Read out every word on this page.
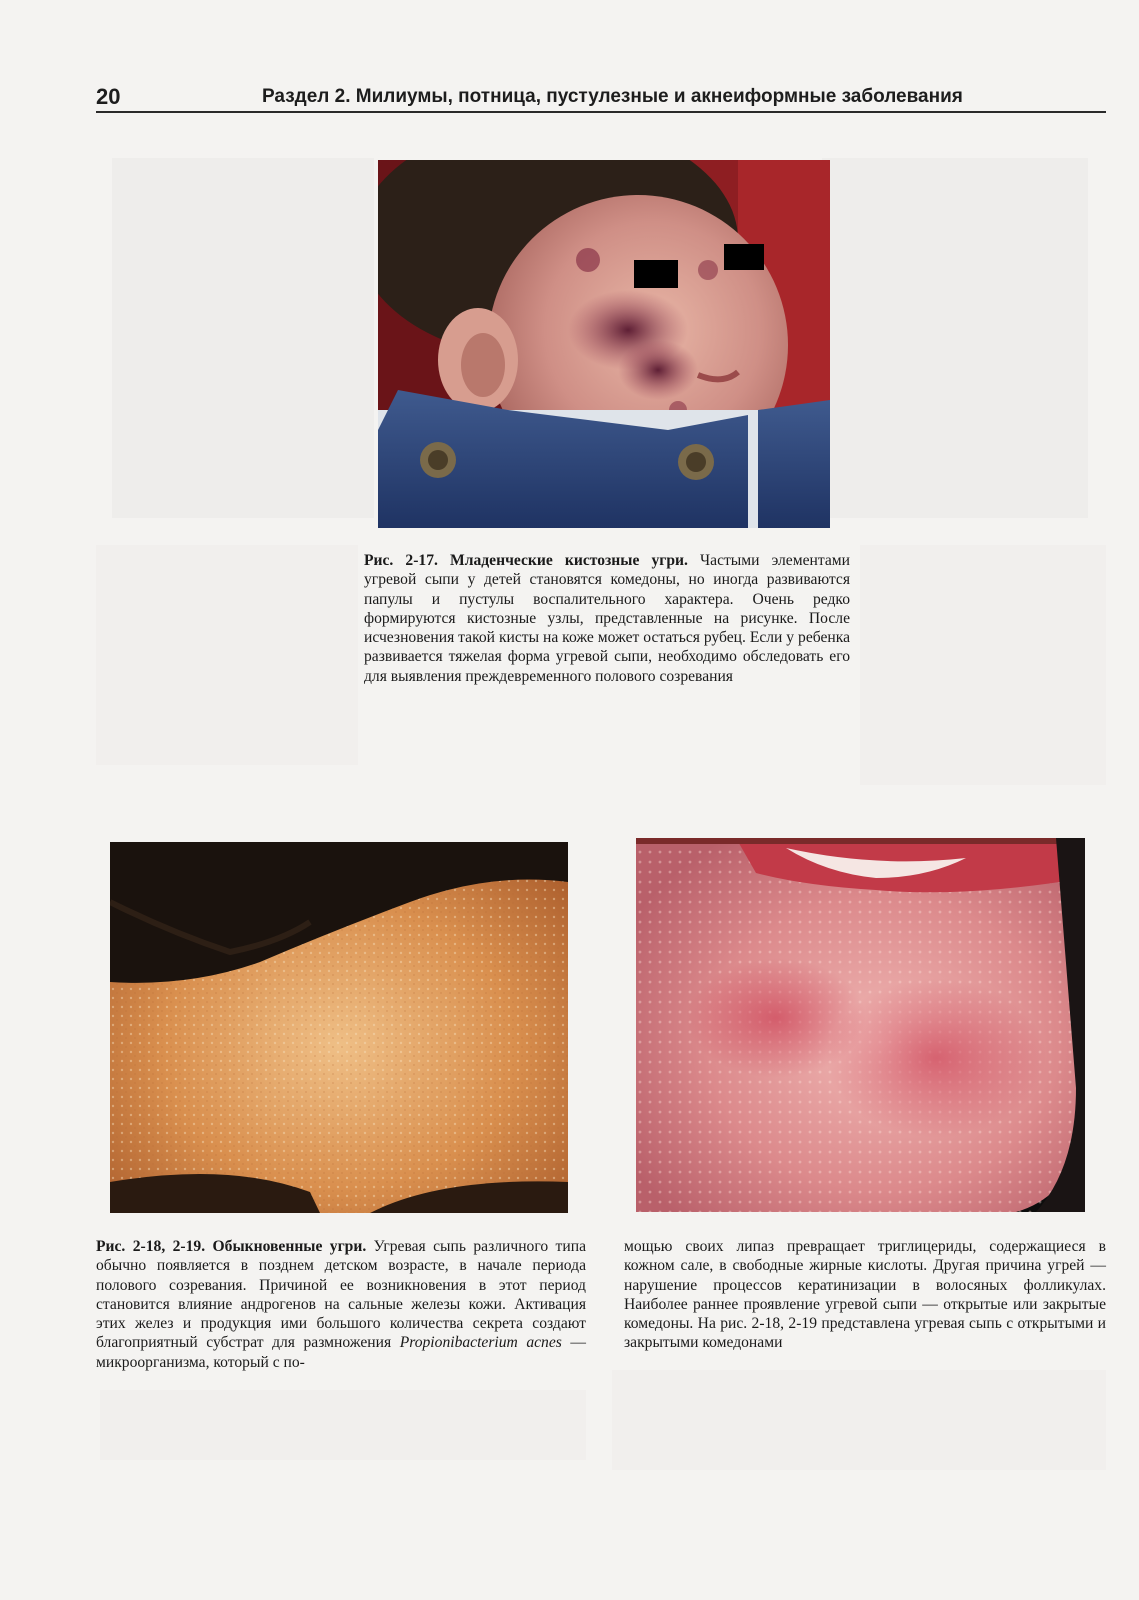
20	Раздел 2. Милиумы, потница, пустулезные и акнеиформные заболевания

Рис. 2-17. Младенческие кистозные угри. Частыми элементами угревой сыпи у детей становятся комедоны, но иногда развиваются папулы и пустулы воспалительного характера. Очень редко формируются кистозные узлы, представленные на рисунке. После исчезновения такой кисты на коже может остаться рубец. Если у ребенка развивается тяжелая форма угревой сыпи, необходимо обследовать его для выявления преждевременного полового созревания

Рис. 2-18, 2-19. Обыкновенные угри. Угревая сыпь различного типа обычно появляется в позднем детском возрасте, в начале периода полового созревания. Причиной ее возникновения в этот период становится влияние андрогенов на сальные железы кожи. Активация этих желез и продукция ими большого количества секрета создают благоприятный субстрат для размножения Propionibacterium acnes — микроорганизма, который с по-

мощью своих липаз превращает триглицериды, содержащиеся в кожном сале, в свободные жирные кислоты. Другая причина угрей — нарушение процессов кератинизации в волосяных фолликулах. Наиболее раннее проявление угревой сыпи — открытые или закрытые комедоны. На рис. 2-18, 2-19 представлена угревая сыпь с открытыми и закрытыми комедонами
